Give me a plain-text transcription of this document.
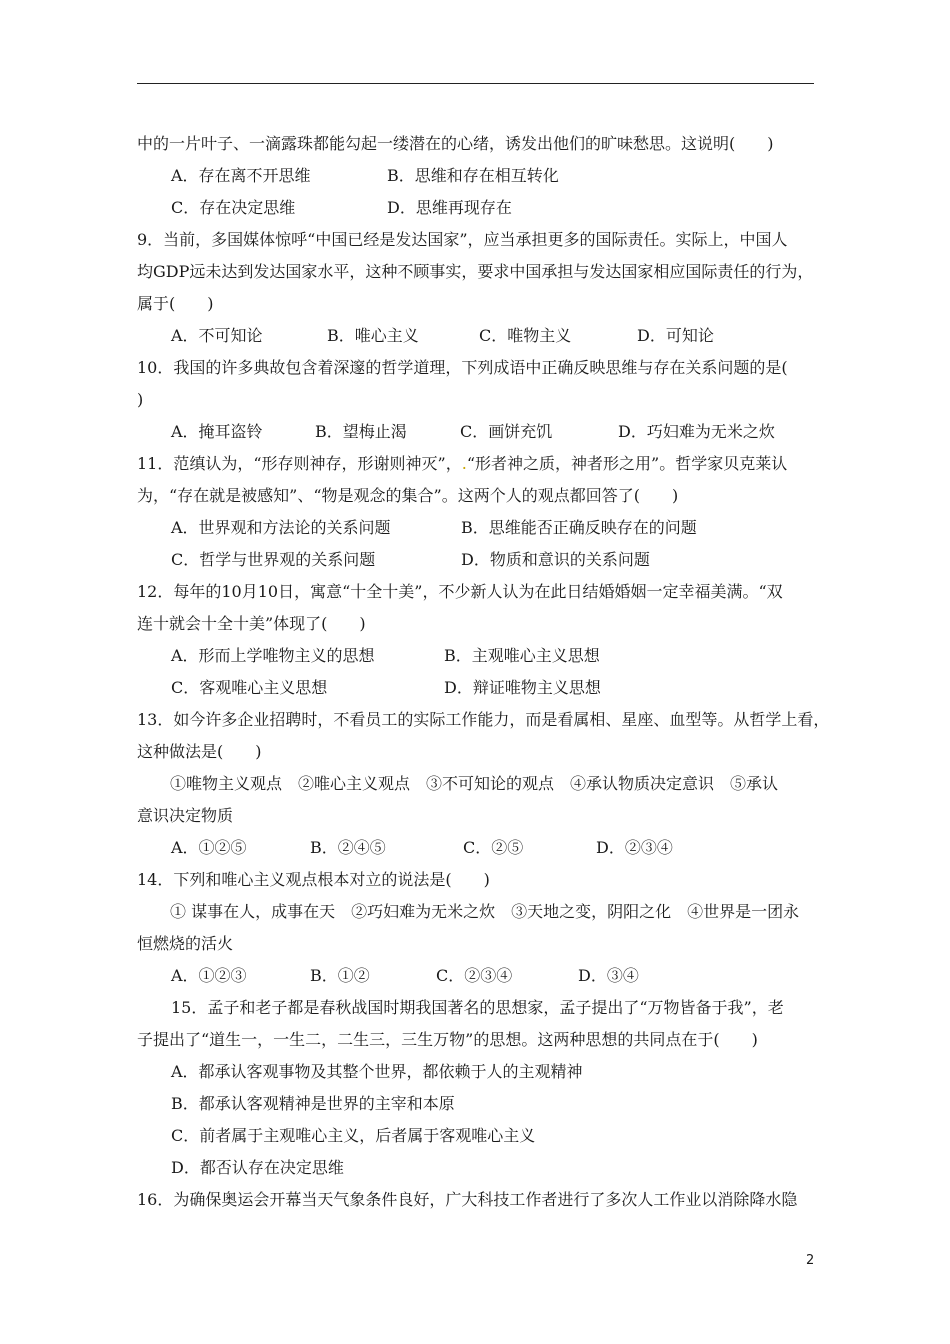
中的一片叶子、一滴露珠都能勾起一缕潜在的心绪，诱发出他们的旷味愁思。这说明(　　)
A．存在离不开思维	B．思维和存在相互转化
C．存在决定思维	D．思维再现存在
9．当前，多国媒体惊呼“中国已经是发达国家”，应当承担更多的国际责任。实际上，中国人
均GDP远未达到发达国家水平，这种不顾事实，要求中国承担与发达国家相应国际责任的行为，
属于(　　)
A．不可知论	B．唯心主义	C．唯物主义	D．可知论
10．我国的许多典故包含着深邃的哲学道理，下列成语中正确反映思维与存在关系问题的是(
)
A．掩耳盗铃	B．望梅止渴	C．画饼充饥	D．巧妇难为无米之炊
11．范缜认为，“形存则神存，形谢则神灭”，.“形者神之质，神者形之用”。哲学家贝克莱认
为，“存在就是被感知”、“物是观念的集合”。这两个人的观点都回答了(　　)
A．世界观和方法论的关系问题	B．思维能否正确反映存在的问题
C．哲学与世界观的关系问题	D．物质和意识的关系问题
12．每年的10月10日，寓意“十全十美”，不少新人认为在此日结婚婚姻一定幸福美满。“双
连十就会十全十美”体现了(　　)
A．形而上学唯物主义的思想	B．主观唯心主义思想
C．客观唯心主义思想	D．辩证唯物主义思想
13．如今许多企业招聘时，不看员工的实际工作能力，而是看属相、星座、血型等。从哲学上看，
这种做法是(　　)
①唯物主义观点　②唯心主义观点　③不可知论的观点　④承认物质决定意识　⑤承认
意识决定物质
A．①②⑤	B．②④⑤	C．②⑤	D．②③④
14．下列和唯心主义观点根本对立的说法是(　　)
① 谋事在人，成事在天　②巧妇难为无米之炊　③天地之变，阴阳之化　④世界是一团永
恒燃烧的活火
A．①②③	B．①②	C．②③④	D．③④
15．孟子和老子都是春秋战国时期我国著名的思想家，孟子提出了“万物皆备于我”，老
子提出了“道生一，一生二，二生三，三生万物”的思想。这两种思想的共同点在于(　　)
A．都承认客观事物及其整个世界，都依赖于人的主观精神
B．都承认客观精神是世界的主宰和本原
C．前者属于主观唯心主义，后者属于客观唯心主义
D．都否认存在决定思维
16．为确保奥运会开幕当天气象条件良好，广大科技工作者进行了多次人工作业以消除降水隐
2
